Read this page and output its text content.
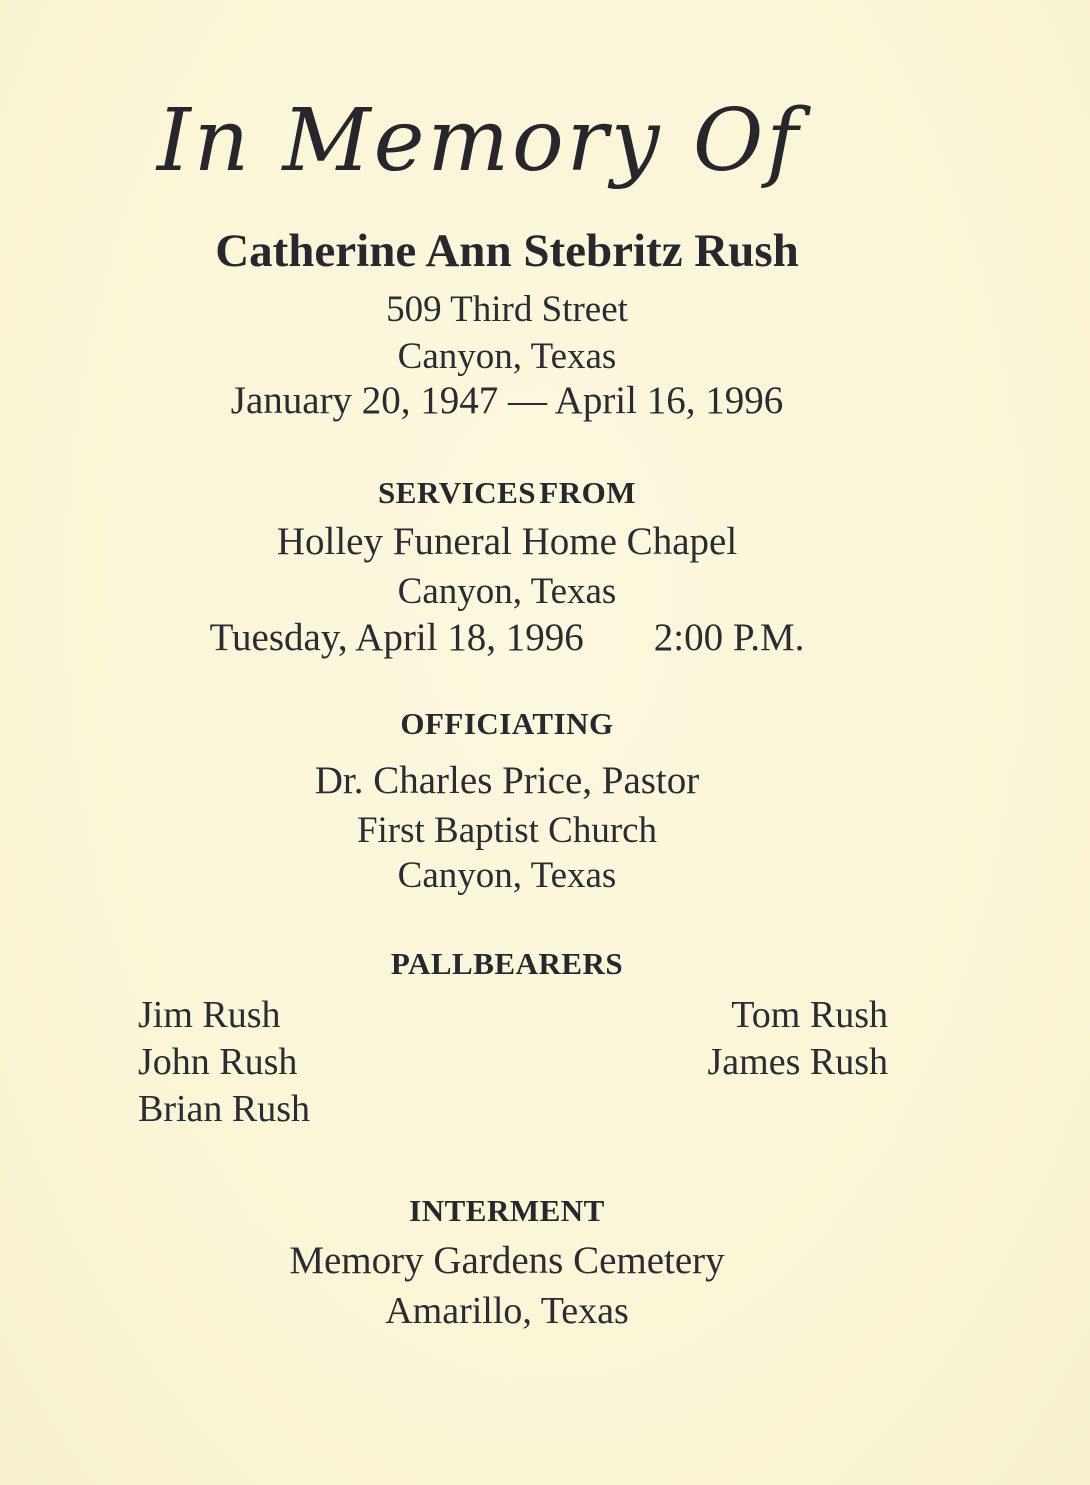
In Memory Of
Catherine Ann Stebritz Rush
509 Third Street
Canyon, Texas
January 20, 1947 — April 16, 1996
SERVICES FROM
Holley Funeral Home Chapel
Canyon, Texas
Tuesday, April 18, 1996 2:00 P.M.
OFFICIATING
Dr. Charles Price, Pastor
First Baptist Church
Canyon, Texas
PALLBEARERS
Jim Rush
John Rush
Brian Rush
Tom Rush
James Rush
INTERMENT
Memory Gardens Cemetery
Amarillo, Texas
